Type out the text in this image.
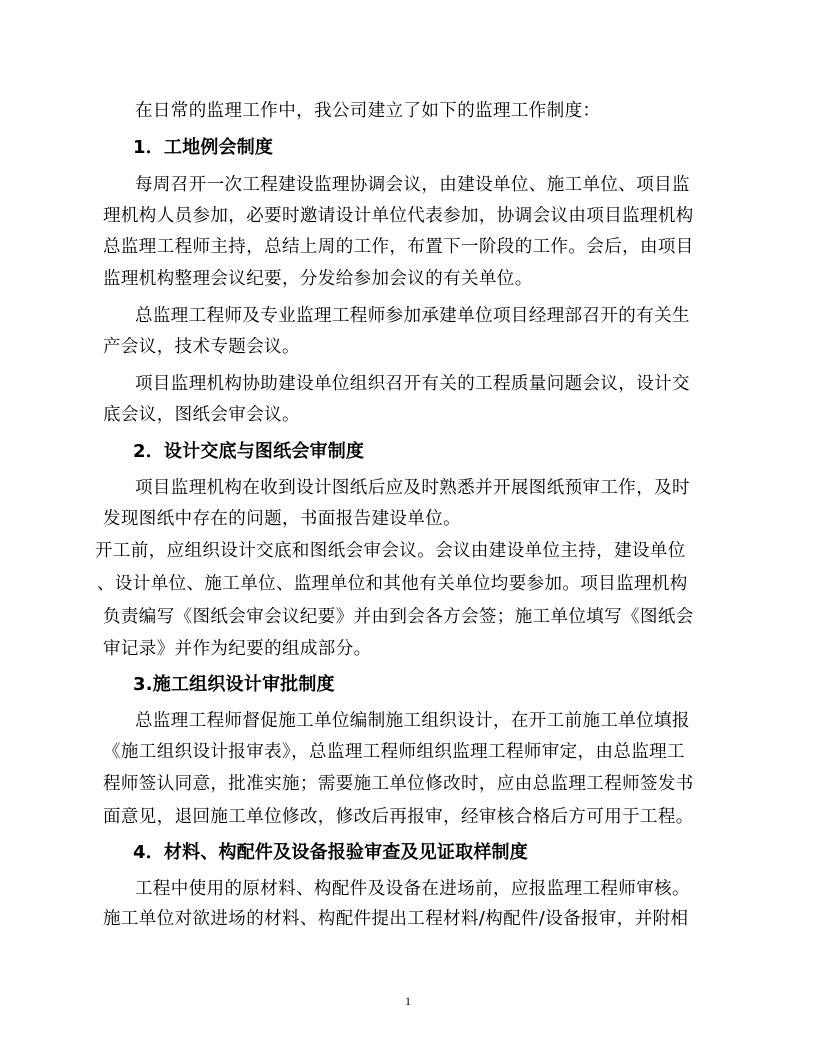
在日常的监理工作中，我公司建立了如下的监理工作制度：
1．工地例会制度
每周召开一次工程建设监理协调会议，由建设单位、施工单位、项目监
理机构人员参加，必要时邀请设计单位代表参加，协调会议由项目监理机构
总监理工程师主持，总结上周的工作，布置下一阶段的工作。会后，由项目
监理机构整理会议纪要，分发给参加会议的有关单位。
总监理工程师及专业监理工程师参加承建单位项目经理部召开的有关生
产会议，技术专题会议。
项目监理机构协助建设单位组织召开有关的工程质量问题会议，设计交
底会议，图纸会审会议。
2．设计交底与图纸会审制度
项目监理机构在收到设计图纸后应及时熟悉并开展图纸预审工作，及时
发现图纸中存在的问题，书面报告建设单位。
开工前，应组织设计交底和图纸会审会议。会议由建设单位主持，建设单位
、设计单位、施工单位、监理单位和其他有关单位均要参加。项目监理机构
负责编写《图纸会审会议纪要》并由到会各方会签；施工单位填写《图纸会
审记录》并作为纪要的组成部分。
3.施工组织设计审批制度
总监理工程师督促施工单位编制施工组织设计，在开工前施工单位填报
《施工组织设计报审表》，总监理工程师组织监理工程师审定，由总监理工
程师签认同意，批准实施；需要施工单位修改时，应由总监理工程师签发书
面意见，退回施工单位修改，修改后再报审，经审核合格后方可用于工程。
4．材料、构配件及设备报验审查及见证取样制度
工程中使用的原材料、构配件及设备在进场前，应报监理工程师审核。
施工单位对欲进场的材料、构配件提出工程材料/构配件/设备报审，并附相
1
